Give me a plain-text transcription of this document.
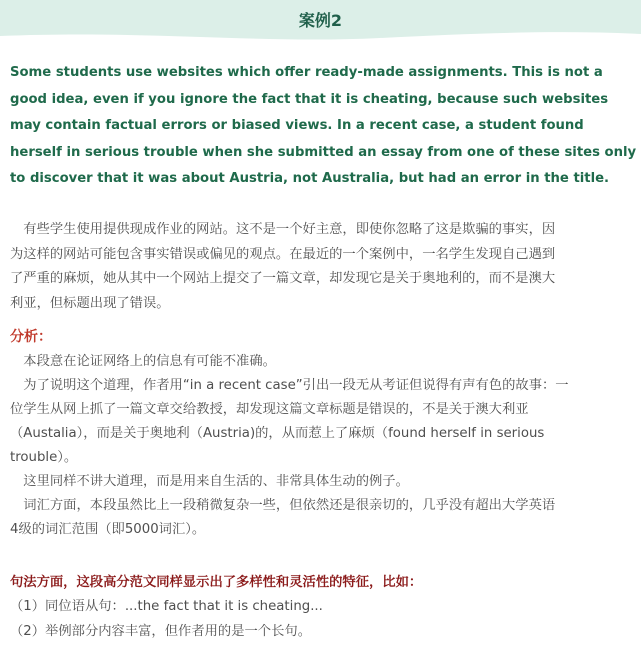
案例2

Some students use websites which offer ready-made assignments. This is not a

good idea, even if you ignore the fact that it is cheating, because such websites

may contain factual errors or biased views. In a recent case, a student found

herself in serious trouble when she submitted an essay from one of these sites only

to discover that it was about Austria, not Australia, but had an error in the title.

　有些学生使用提供现成作业的网站。这不是一个好主意，即使你忽略了这是欺骗的事实，因

为这样的网站可能包含事实错误或偏见的观点。在最近的一个案例中，一名学生发现自己遇到

了严重的麻烦，她从其中一个网站上提交了一篇文章，却发现它是关于奥地利的，而不是澳大

利亚，但标题出现了错误。

分析：

　本段意在论证网络上的信息有可能不准确。

　为了说明这个道理，作者用“in a recent case”引出一段无从考证但说得有声有色的故事：一

位学生从网上抓了一篇文章交给教授，却发现这篇文章标题是错误的，不是关于澳大利亚

（Austalia），而是关于奥地利（Austria)的，从而惹上了麻烦（found herself in serious

trouble）。

　这里同样不讲大道理，而是用来自生活的、非常具体生动的例子。

　词汇方面，本段虽然比上一段稍微复杂一些，但依然还是很亲切的，几乎没有超出大学英语

4级的词汇范围（即5000词汇）。

句法方面，这段高分范文同样显示出了多样性和灵活性的特征，比如：

（1）同位语从句：...the fact that it is cheating...

（2）举例部分内容丰富，但作者用的是一个长句。
